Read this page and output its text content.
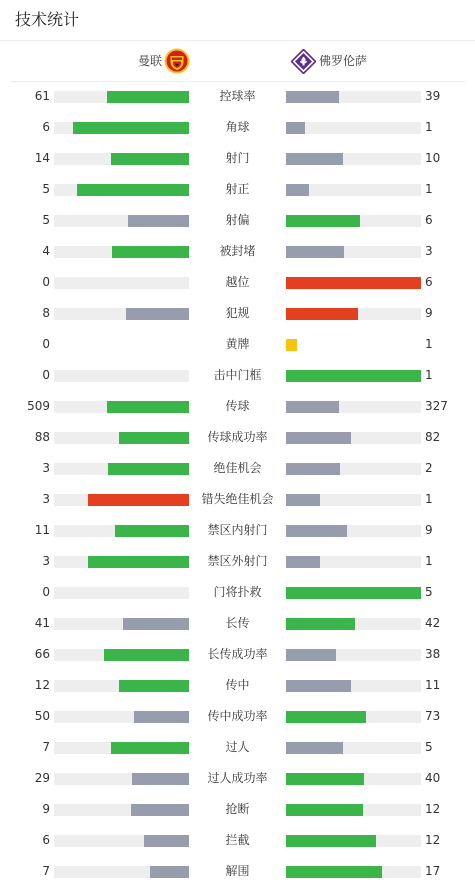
技术统计
曼联	佛罗伦萨
61	控球率	39
6	角球	1
14	射门	10
5	射正	1
5	射偏	6
4	被封堵	3
0	越位	6
8	犯规	9
0	黄牌	1
0	击中门框	1
509	传球	327
88	传球成功率	82
3	绝佳机会	2
3	错失绝佳机会	1
11	禁区内射门	9
3	禁区外射门	1
0	门将扑救	5
41	长传	42
66	长传成功率	38
12	传中	11
50	传中成功率	73
7	过人	5
29	过人成功率	40
9	抢断	12
6	拦截	12
7	解围	17
